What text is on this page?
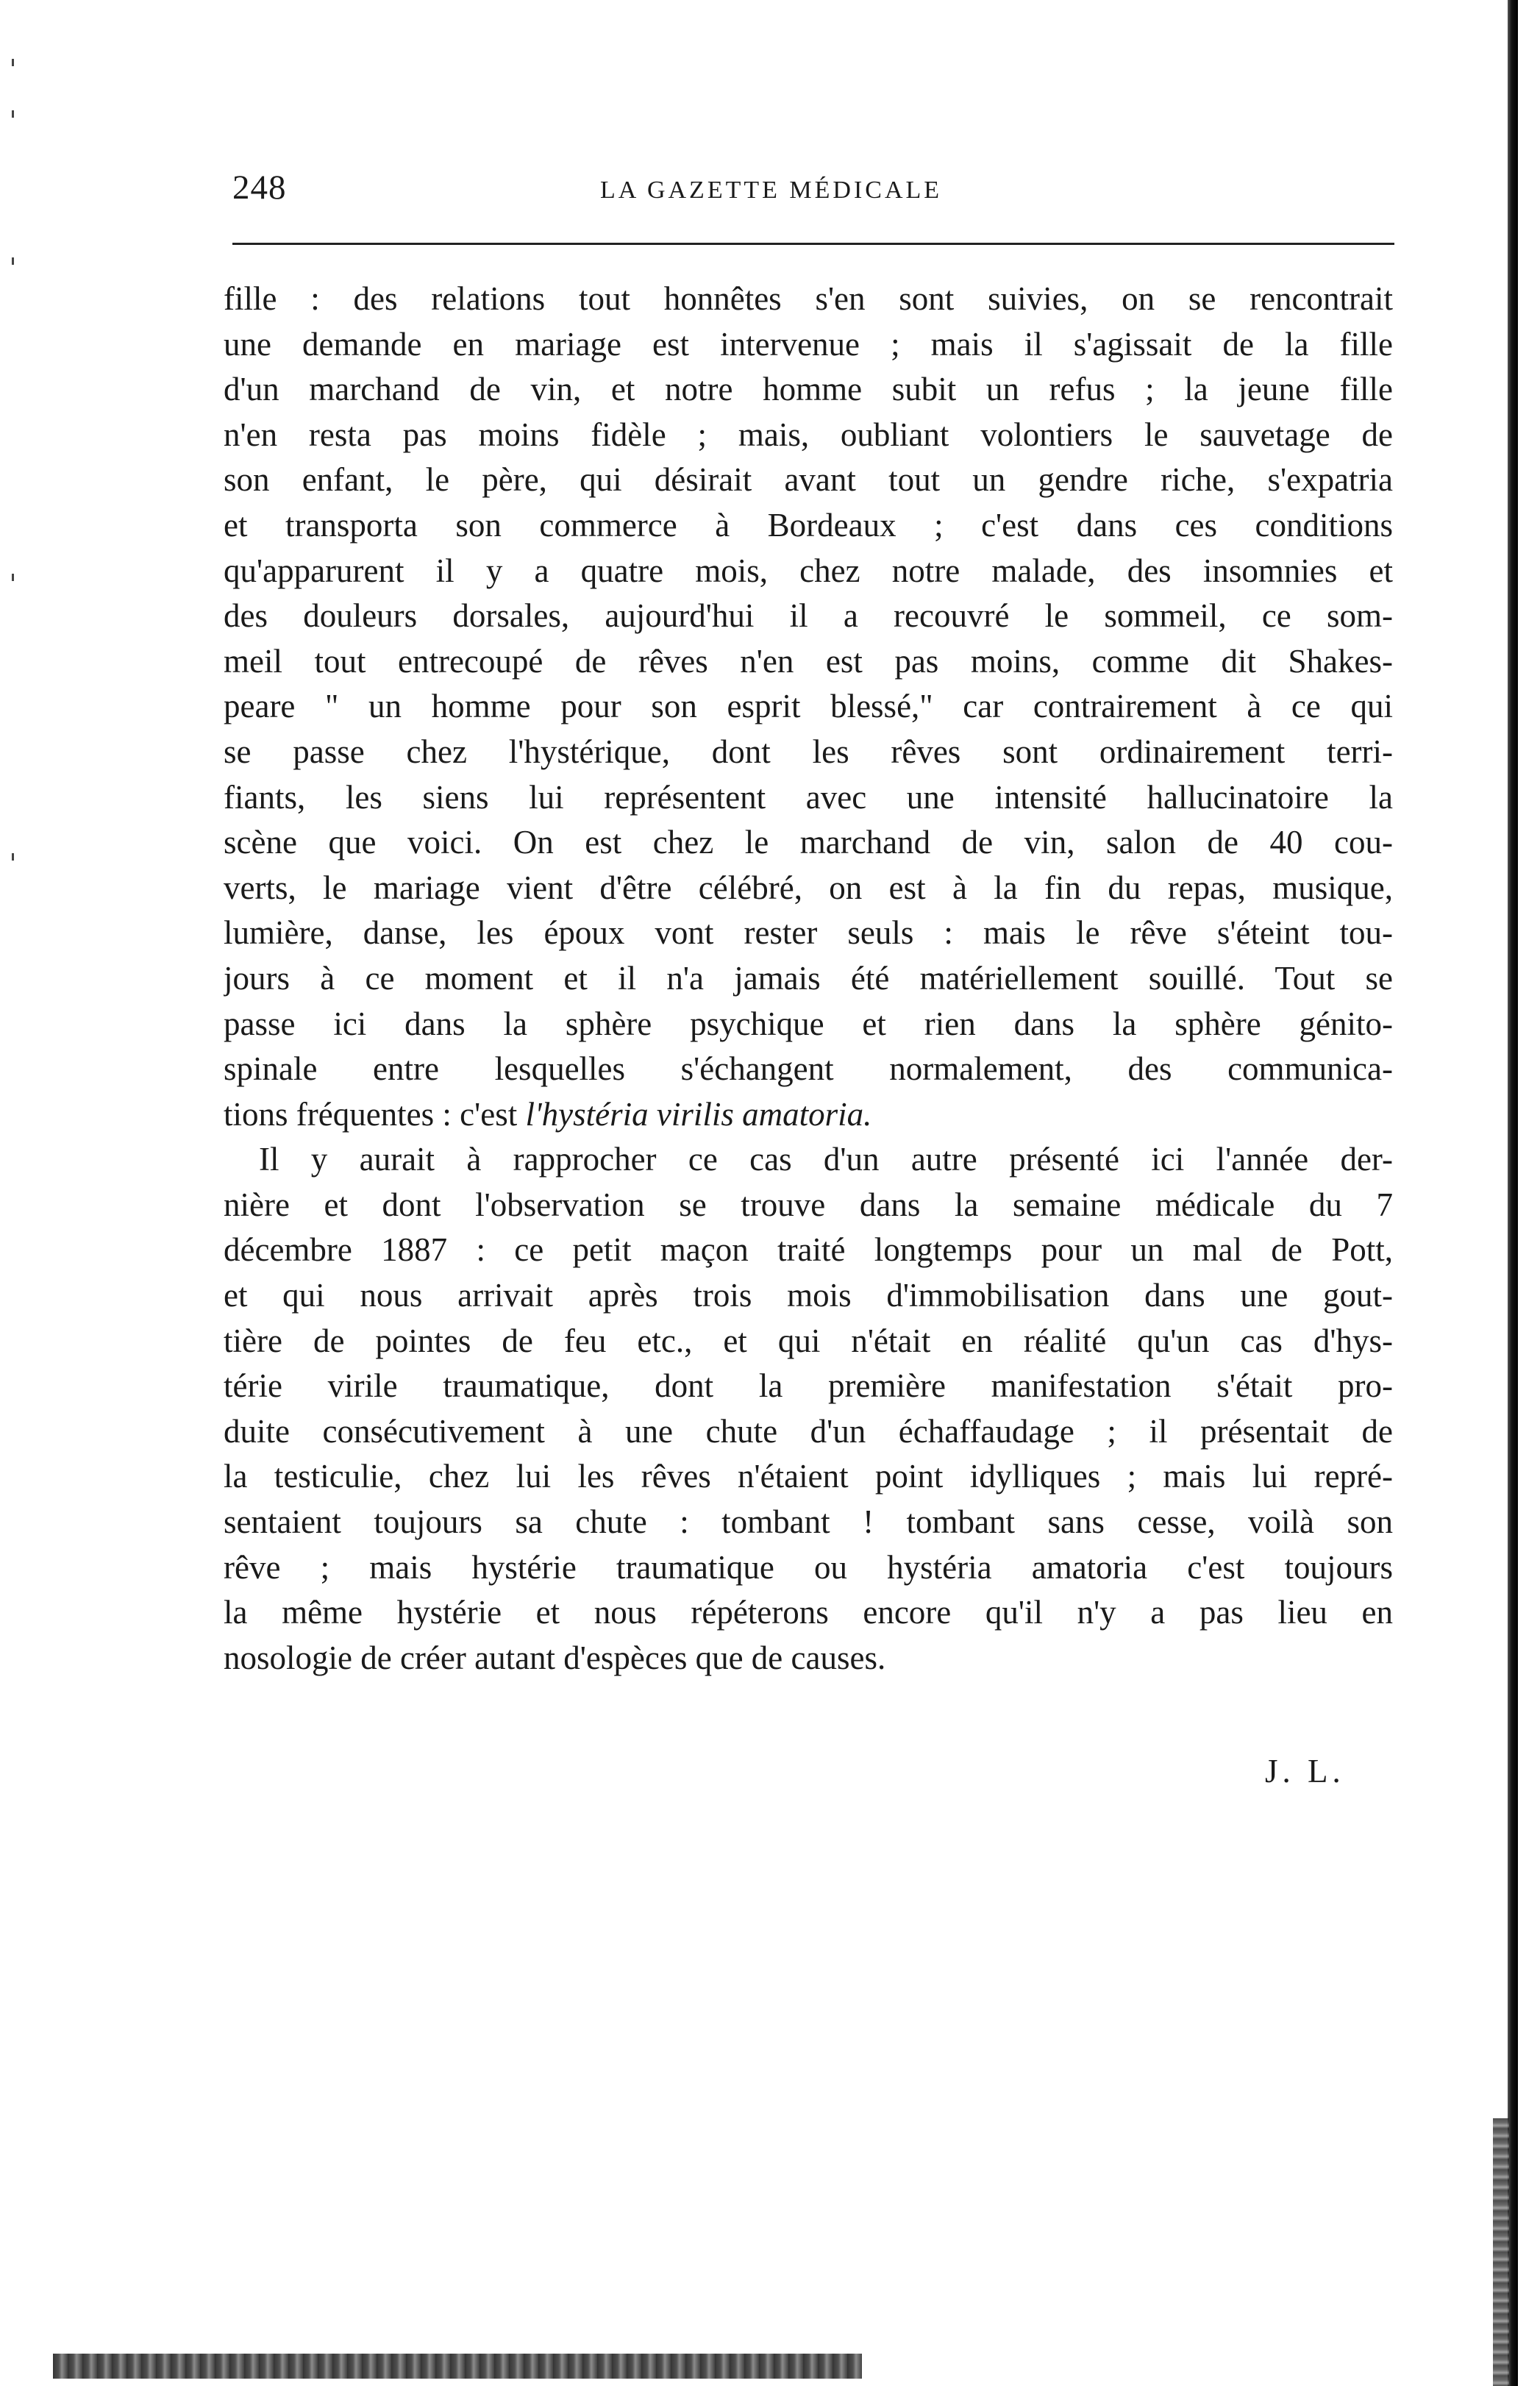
248	LA GAZETTE MÉDICALE
fille : des relations tout honnêtes s'en sont suivies, on se rencontrait
une demande en mariage est intervenue ; mais il s'agissait de la fille
d'un marchand de vin, et notre homme subit un refus ; la jeune fille
n'en resta pas moins fidèle ; mais, oubliant volontiers le sauvetage de
son enfant, le père, qui désirait avant tout un gendre riche, s'expatria
et transporta son commerce à Bordeaux ; c'est dans ces conditions
qu'apparurent il y a quatre mois, chez notre malade, des insomnies et
des douleurs dorsales, aujourd'hui il a recouvré le sommeil, ce som-
meil tout entrecoupé de rêves n'en est pas moins, comme dit Shakes-
peare " un homme pour son esprit blessé," car contrairement à ce qui
se passe chez l'hystérique, dont les rêves sont ordinairement terri-
fiants, les siens lui représentent avec une intensité hallucinatoire la
scène que voici. On est chez le marchand de vin, salon de 40 cou-
verts, le mariage vient d'être célébré, on est à la fin du repas, musique,
lumière, danse, les époux vont rester seuls : mais le rêve s'éteint tou-
jours à ce moment et il n'a jamais été matériellement souillé. Tout se
passe ici dans la sphère psychique et rien dans la sphère génito-
spinale entre lesquelles s'échangent normalement, des communica-
tions fréquentes : c'est l'hystéria virilis amatoria.
Il y aurait à rapprocher ce cas d'un autre présenté ici l'année der-
nière et dont l'observation se trouve dans la semaine médicale du 7
décembre 1887 : ce petit maçon traité longtemps pour un mal de Pott,
et qui nous arrivait après trois mois d'immobilisation dans une gout-
tière de pointes de feu etc., et qui n'était en réalité qu'un cas d'hys-
térie virile traumatique, dont la première manifestation s'était pro-
duite consécutivement à une chute d'un échaffaudage ; il présentait de
la testiculie, chez lui les rêves n'étaient point idylliques ; mais lui repré-
sentaient toujours sa chute : tombant ! tombant sans cesse, voilà son
rêve ; mais hystérie traumatique ou hystéria amatoria c'est toujours
la même hystérie et nous répéterons encore qu'il n'y a pas lieu en
nosologie de créer autant d'espèces que de causes.
J. L.
